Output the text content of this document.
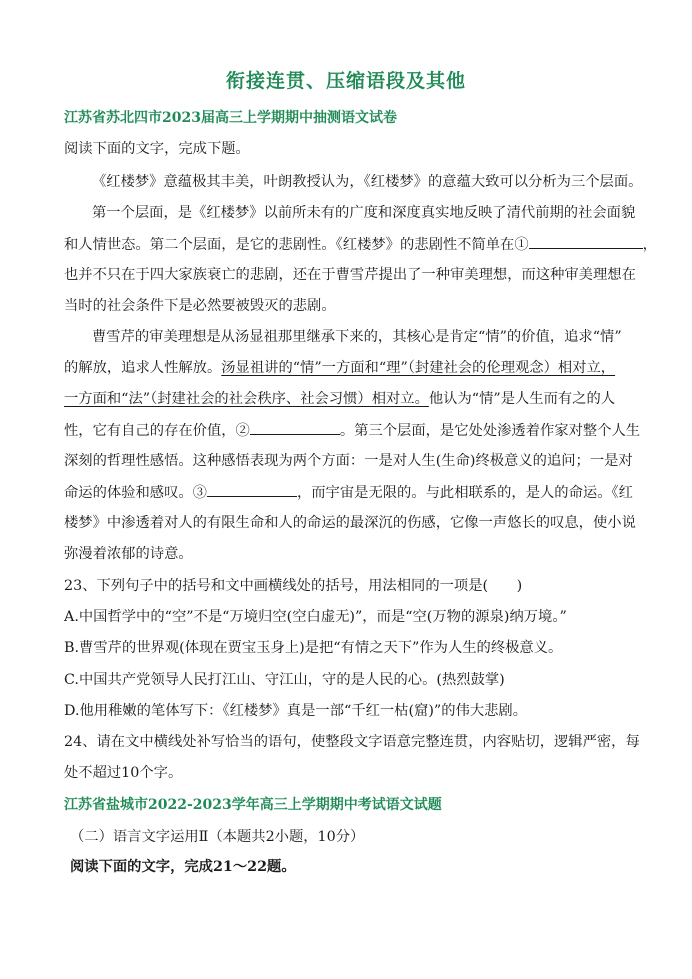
衔接连贯、压缩语段及其他
江苏省苏北四市2023届高三上学期期中抽测语文试卷
阅读下面的文字，完成下题。
《红楼梦》意蕴极其丰美，叶朗教授认为，《红楼梦》的意蕴大致可以分析为三个层面。
第一个层面，是《红楼梦》以前所未有的广度和深度真实地反映了清代前期的社会面貌
和人情世态。第二个层面，是它的悲剧性。《红楼梦》的悲剧性不简单在①	，
也并不只在于四大家族衰亡的悲剧，还在于曹雪芹提出了一种审美理想，而这种审美理想在
当时的社会条件下是必然要被毁灭的悲剧。
曹雪芹的审美理想是从汤显祖那里继承下来的，其核心是肯定“情”的价值，追求“情”
的解放，追求人性解放。汤显祖讲的“情”一方面和“理”（封建社会的伦理观念）相对立，
一方面和“法”（封建社会的社会秩序、社会习惯）相对立。他认为“情”是人生而有之的人
性，它有自己的存在价值，②	。第三个层面，是它处处渗透着作家对整个人生
深刻的哲理性感悟。这种感悟表现为两个方面：一是对人生(生命)终极意义的追问；一是对
命运的体验和感叹。③	，而宇宙是无限的。与此相联系的，是人的命运。《红
楼梦》中渗透着对人的有限生命和人的命运的最深沉的伤感，它像一声悠长的叹息，使小说
弥漫着浓郁的诗意。
23、下列句子中的括号和文中画横线处的括号，用法相同的一项是(　　)
A.中国哲学中的“空”不是“万境归空(空白虚无)”，而是“空(万物的源泉)纳万境。”
B.曹雪芹的世界观(体现在贾宝玉身上)是把“有情之天下”作为人生的终极意义。
C.中国共产党领导人民打江山、守江山，守的是人民的心。(热烈鼓掌)
D.他用稚嫩的笔体写下：《红楼梦》真是一部“千红一枯(窟)”的伟大悲剧。
24、请在文中横线处补写恰当的语句，使整段文字语意完整连贯，内容贴切，逻辑严密，每
处不超过10个字。
江苏省盐城市2022-2023学年高三上学期期中考试语文试题
（二）语言文字运用Ⅱ（本题共2小题，10分）
阅读下面的文字，完成21～22题。
